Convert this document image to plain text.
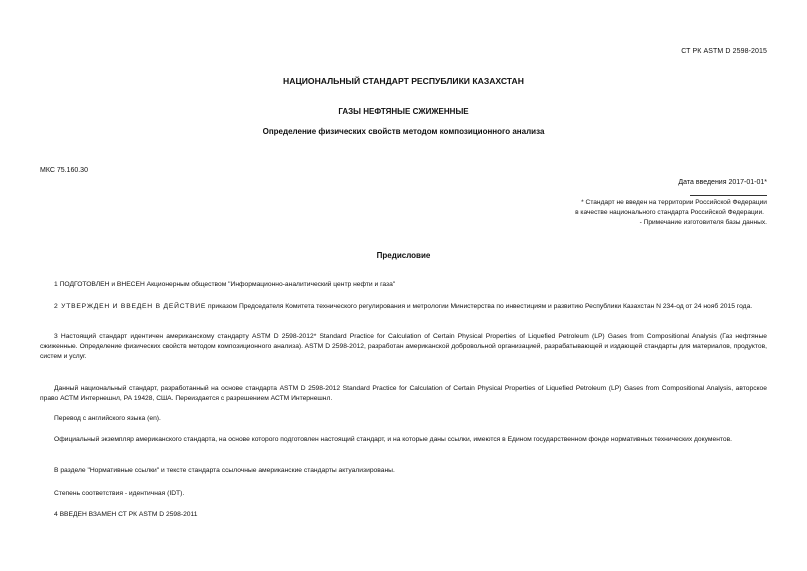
СТ РК ASTM D 2598-2015
НАЦИОНАЛЬНЫЙ СТАНДАРТ РЕСПУБЛИКИ КАЗАХСТАН
ГАЗЫ НЕФТЯНЫЕ СЖИЖЕННЫЕ
Определение физических свойств методом композиционного анализа
МКС 75.160.30
Дата введения 2017-01-01*
* Стандарт не введен на территории Российской Федерации
в качестве национального стандарта Российской Федерации.
- Примечание изготовителя базы данных.
Предисловие
1 ПОДГОТОВЛЕН и ВНЕСЕН Акционерным обществом "Информационно-аналитический центр нефти и газа"
2 УТВЕРЖДЕН И ВВЕДЕН В ДЕЙСТВИЕ приказом Председателя Комитета технического регулирования и метрологии Министерства по инвестициям и развитию Республики Казахстан N 234-од от 24 нояб 2015 года.
3 Настоящий стандарт идентичен американскому стандарту ASTM D 2598-2012* Standard Practice for Calculation of Certain Physical Properties of Liquefied Petroleum (LP) Gases from Compositional Analysis (Газ нефтяные сжиженные. Определение физических свойств методом композиционного анализа). ASTM D 2598-2012, разработан американской добровольной организацией, разрабатывающей и издающей стандарты для материалов, продуктов, систем и услуг.
Данный национальный стандарт, разработанный на основе стандарта ASTM D 2598-2012 Standard Practice for Calculation of Certain Physical Properties of Liquefied Petroleum (LP) Gases from Compositional Analysis, авторское право АСТМ Интернешнл, РА 19428, США. Переиздается с разрешением АСТМ Интернешнл.
Перевод с английского языка (en).
Официальный экземпляр американского стандарта, на основе которого подготовлен настоящий стандарт, и на которые даны ссылки, имеются в Едином государственном фонде нормативных технических документов.
В разделе "Нормативные ссылки" и тексте стандарта ссылочные американские стандарты актуализированы.
Степень соответствия - идентичная (IDT).
4 ВВЕДЕН ВЗАМЕН СТ РК ASTM D 2598-2011
